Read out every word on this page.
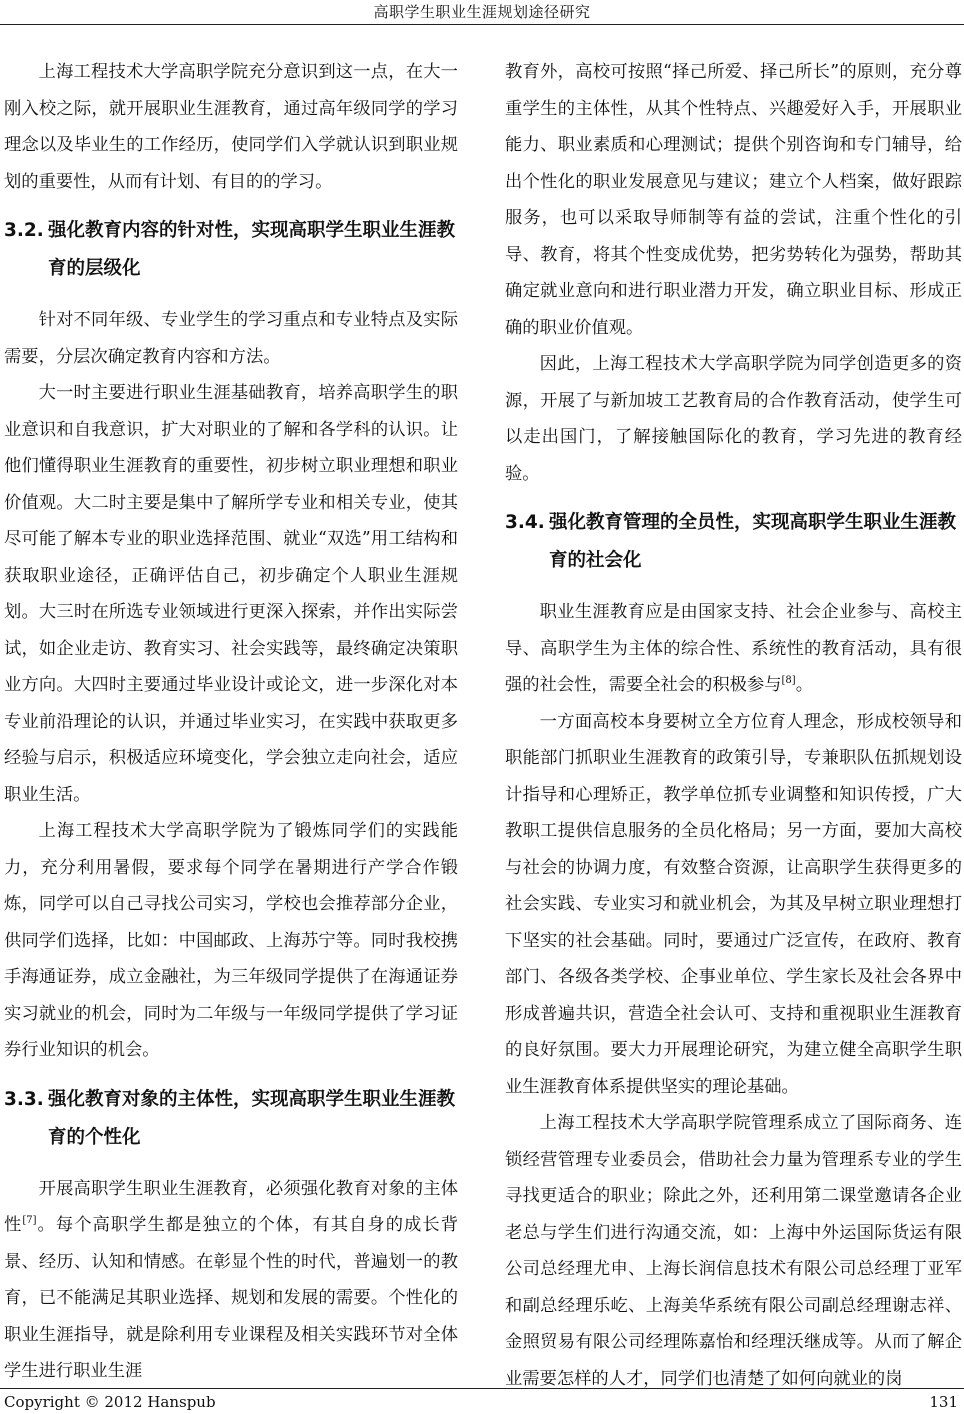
高职学生职业生涯规划途径研究

上海工程技术大学高职学院充分意识到这一点，在大一刚入校之际，就开展职业生涯教育，通过高年级同学的学习理念以及毕业生的工作经历，使同学们入学就认识到职业规划的重要性，从而有计划、有目的的学习。

3.2. 强化教育内容的针对性，实现高职学生职业生涯教育的层级化

针对不同年级、专业学生的学习重点和专业特点及实际需要，分层次确定教育内容和方法。

大一时主要进行职业生涯基础教育，培养高职学生的职业意识和自我意识，扩大对职业的了解和各学科的认识。让他们懂得职业生涯教育的重要性，初步树立职业理想和职业价值观。大二时主要是集中了解所学专业和相关专业，使其尽可能了解本专业的职业选择范围、就业“双选”用工结构和获取职业途径，正确评估自己，初步确定个人职业生涯规划。大三时在所选专业领域进行更深入探索，并作出实际尝试，如企业走访、教育实习、社会实践等，最终确定决策职业方向。大四时主要通过毕业设计或论文，进一步深化对本专业前沿理论的认识，并通过毕业实习，在实践中获取更多经验与启示，积极适应环境变化，学会独立走向社会，适应职业生活。

上海工程技术大学高职学院为了锻炼同学们的实践能力，充分利用暑假，要求每个同学在暑期进行产学合作锻炼，同学可以自己寻找公司实习，学校也会推荐部分企业，供同学们选择，比如：中国邮政、上海苏宁等。同时我校携手海通证券，成立金融社，为三年级同学提供了在海通证券实习就业的机会，同时为二年级与一年级同学提供了学习证券行业知识的机会。

3.3. 强化教育对象的主体性，实现高职学生职业生涯教育的个性化

开展高职学生职业生涯教育，必须强化教育对象的主体性[7]。每个高职学生都是独立的个体，有其自身的成长背景、经历、认知和情感。在彰显个性的时代，普遍划一的教育，已不能满足其职业选择、规划和发展的需要。个性化的职业生涯指导，就是除利用专业课程及相关实践环节对全体学生进行职业生涯

教育外，高校可按照“择己所爱、择己所长”的原则，充分尊重学生的主体性，从其个性特点、兴趣爱好入手，开展职业能力、职业素质和心理测试；提供个别咨询和专门辅导，给出个性化的职业发展意见与建议；建立个人档案，做好跟踪服务，也可以采取导师制等有益的尝试，注重个性化的引导、教育，将其个性变成优势，把劣势转化为强势，帮助其确定就业意向和进行职业潜力开发，确立职业目标、形成正确的职业价值观。

因此，上海工程技术大学高职学院为同学创造更多的资源，开展了与新加坡工艺教育局的合作教育活动，使学生可以走出国门，了解接触国际化的教育，学习先进的教育经验。

3.4. 强化教育管理的全员性，实现高职学生职业生涯教育的社会化

职业生涯教育应是由国家支持、社会企业参与、高校主导、高职学生为主体的综合性、系统性的教育活动，具有很强的社会性，需要全社会的积极参与[8]。

一方面高校本身要树立全方位育人理念，形成校领导和职能部门抓职业生涯教育的政策引导，专兼职队伍抓规划设计指导和心理矫正，教学单位抓专业调整和知识传授，广大教职工提供信息服务的全员化格局；另一方面，要加大高校与社会的协调力度，有效整合资源，让高职学生获得更多的社会实践、专业实习和就业机会，为其及早树立职业理想打下坚实的社会基础。同时，要通过广泛宣传，在政府、教育部门、各级各类学校、企事业单位、学生家长及社会各界中形成普遍共识，营造全社会认可、支持和重视职业生涯教育的良好氛围。要大力开展理论研究，为建立健全高职学生职业生涯教育体系提供坚实的理论基础。

上海工程技术大学高职学院管理系成立了国际商务、连锁经营管理专业委员会，借助社会力量为管理系专业的学生寻找更适合的职业；除此之外，还利用第二课堂邀请各企业老总与学生们进行沟通交流，如：上海中外运国际货运有限公司总经理尤申、上海长润信息技术有限公司总经理丁亚军和副总经理乐屹、上海美华系统有限公司副总经理谢志祥、金照贸易有限公司经理陈嘉怡和经理沃继成等。从而了解企业需要怎样的人才，同学们也清楚了如何向就业的岗

Copyright © 2012 Hanspub	131
